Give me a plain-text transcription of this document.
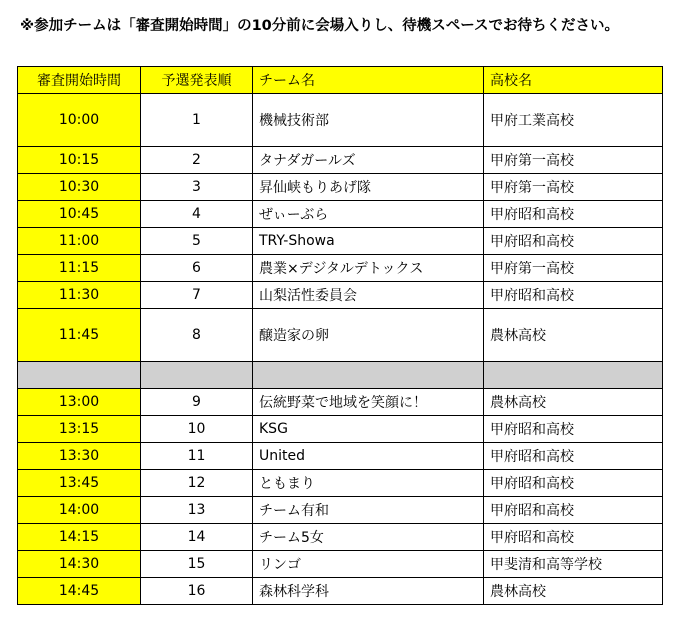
※参加チームは「審査開始時間」の10分前に会場入りし、待機スペースでお待ちください。
審査開始時間	予選発表順	チーム名	高校名
10:00	1	機械技術部	甲府工業高校
10:15	2	タナダガールズ	甲府第一高校
10:30	3	昇仙峡もりあげ隊	甲府第一高校
10:45	4	ぜぃーぶら	甲府昭和高校
11:00	5	TRY-Showa	甲府昭和高校
11:15	6	農業×デジタルデトックス	甲府第一高校
11:30	7	山梨活性委員会	甲府昭和高校
11:45	8	醸造家の卵	農林高校

13:00	9	伝統野菜で地域を笑顔に！	農林高校
13:15	10	KSG	甲府昭和高校
13:30	11	United	甲府昭和高校
13:45	12	ともまり	甲府昭和高校
14:00	13	チーム有和	甲府昭和高校
14:15	14	チーム5女	甲府昭和高校
14:30	15	リンゴ	甲斐清和高等学校
14:45	16	森林科学科	農林高校
